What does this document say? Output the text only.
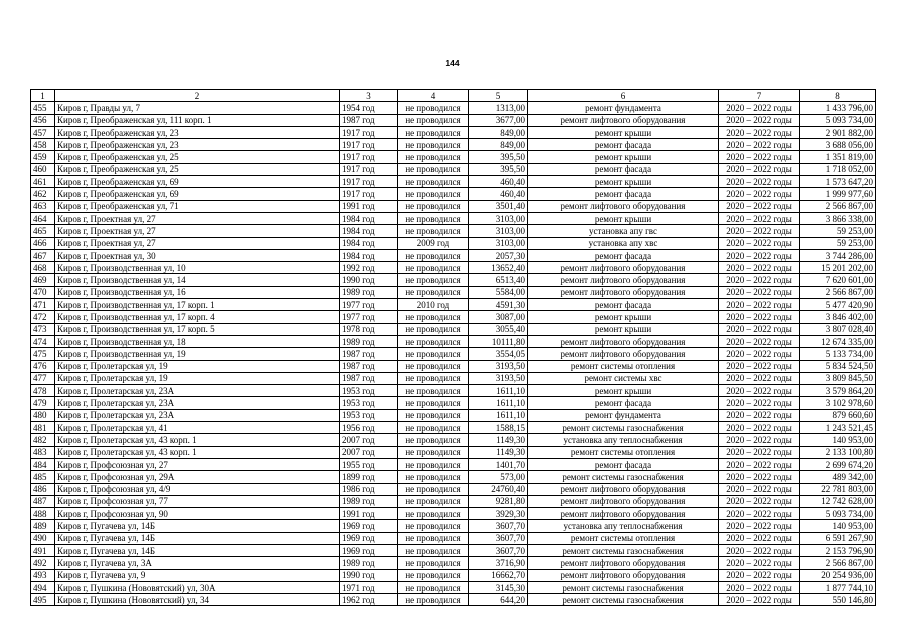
144
1	2	3	4	5	6	7	8
455	Киров г, Правды ул, 7	1954 год	не проводился	1313,00	ремонт фундамента	2020 – 2022 годы	1 433 796,00
456	Киров г, Преображенская ул, 111 корп. 1	1987 год	не проводился	3677,00	ремонт лифтового оборудования	2020 – 2022 годы	5 093 734,00
457	Киров г, Преображенская ул, 23	1917 год	не проводился	849,00	ремонт крыши	2020 – 2022 годы	2 901 882,00
458	Киров г, Преображенская ул, 23	1917 год	не проводился	849,00	ремонт фасада	2020 – 2022 годы	3 688 056,00
459	Киров г, Преображенская ул, 25	1917 год	не проводился	395,50	ремонт крыши	2020 – 2022 годы	1 351 819,00
460	Киров г, Преображенская ул, 25	1917 год	не проводился	395,50	ремонт фасада	2020 – 2022 годы	1 718 052,00
461	Киров г, Преображенская ул, 69	1917 год	не проводился	460,40	ремонт крыши	2020 – 2022 годы	1 573 647,20
462	Киров г, Преображенская ул, 69	1917 год	не проводился	460,40	ремонт фасада	2020 – 2022 годы	1 999 977,60
463	Киров г, Преображенская ул, 71	1991 год	не проводился	3501,40	ремонт лифтового оборудования	2020 – 2022 годы	2 566 867,00
464	Киров г, Проектная ул, 27	1984 год	не проводился	3103,00	ремонт крыши	2020 – 2022 годы	3 866 338,00
465	Киров г, Проектная ул, 27	1984 год	не проводился	3103,00	установка апу гвс	2020 – 2022 годы	59 253,00
466	Киров г, Проектная ул, 27	1984 год	2009 год	3103,00	установка апу хвс	2020 – 2022 годы	59 253,00
467	Киров г, Проектная ул, 30	1984 год	не проводился	2057,30	ремонт фасада	2020 – 2022 годы	3 744 286,00
468	Киров г, Производственная ул, 10	1992 год	не проводился	13652,40	ремонт лифтового оборудования	2020 – 2022 годы	15 201 202,00
469	Киров г, Производственная ул, 14	1990 год	не проводился	6513,40	ремонт лифтового оборудования	2020 – 2022 годы	7 620 601,00
470	Киров г, Производственная ул, 16	1989 год	не проводился	5584,00	ремонт лифтового оборудования	2020 – 2022 годы	2 566 867,00
471	Киров г, Производственная ул, 17 корп. 1	1977 год	2010 год	4591,30	ремонт фасада	2020 – 2022 годы	5 477 420,90
472	Киров г, Производственная ул, 17 корп. 4	1977 год	не проводился	3087,00	ремонт крыши	2020 – 2022 годы	3 846 402,00
473	Киров г, Производственная ул, 17 корп. 5	1978 год	не проводился	3055,40	ремонт крыши	2020 – 2022 годы	3 807 028,40
474	Киров г, Производственная ул, 18	1989 год	не проводился	10111,80	ремонт лифтового оборудования	2020 – 2022 годы	12 674 335,00
475	Киров г, Производственная ул, 19	1987 год	не проводился	3554,05	ремонт лифтового оборудования	2020 – 2022 годы	5 133 734,00
476	Киров г, Пролетарская ул, 19	1987 год	не проводился	3193,50	ремонт системы отопления	2020 – 2022 годы	5 834 524,50
477	Киров г, Пролетарская ул, 19	1987 год	не проводился	3193,50	ремонт системы хвс	2020 – 2022 годы	3 809 845,50
478	Киров г, Пролетарская ул, 23А	1953 год	не проводился	1611,10	ремонт крыши	2020 – 2022 годы	3 579 864,20
479	Киров г, Пролетарская ул, 23А	1953 год	не проводился	1611,10	ремонт фасада	2020 – 2022 годы	3 102 978,60
480	Киров г, Пролетарская ул, 23А	1953 год	не проводился	1611,10	ремонт фундамента	2020 – 2022 годы	879 660,60
481	Киров г, Пролетарская ул, 41	1956 год	не проводился	1588,15	ремонт системы газоснабжения	2020 – 2022 годы	1 243 521,45
482	Киров г, Пролетарская ул, 43 корп. 1	2007 год	не проводился	1149,30	установка апу теплоснабжения	2020 – 2022 годы	140 953,00
483	Киров г, Пролетарская ул, 43 корп. 1	2007 год	не проводился	1149,30	ремонт системы отопления	2020 – 2022 годы	2 133 100,80
484	Киров г, Профсоюзная ул, 27	1955 год	не проводился	1401,70	ремонт фасада	2020 – 2022 годы	2 699 674,20
485	Киров г, Профсоюзная ул, 29А	1899 год	не проводился	573,00	ремонт системы газоснабжения	2020 – 2022 годы	489 342,00
486	Киров г, Профсоюзная ул, 4/9	1986 год	не проводился	24760,40	ремонт лифтового оборудования	2020 – 2022 годы	22 781 803,00
487	Киров г, Профсоюзная ул, 77	1989 год	не проводился	9281,80	ремонт лифтового оборудования	2020 – 2022 годы	12 742 628,00
488	Киров г, Профсоюзная ул, 90	1991 год	не проводился	3929,30	ремонт лифтового оборудования	2020 – 2022 годы	5 093 734,00
489	Киров г, Пугачева ул, 14Б	1969 год	не проводился	3607,70	установка апу теплоснабжения	2020 – 2022 годы	140 953,00
490	Киров г, Пугачева ул, 14Б	1969 год	не проводился	3607,70	ремонт системы отопления	2020 – 2022 годы	6 591 267,90
491	Киров г, Пугачева ул, 14Б	1969 год	не проводился	3607,70	ремонт системы газоснабжения	2020 – 2022 годы	2 153 796,90
492	Киров г, Пугачева ул, 3А	1989 год	не проводился	3716,90	ремонт лифтового оборудования	2020 – 2022 годы	2 566 867,00
493	Киров г, Пугачева ул, 9	1990 год	не проводился	16662,70	ремонт лифтового оборудования	2020 – 2022 годы	20 254 936,00
494	Киров г, Пушкина (Нововятский) ул, 30А	1971 год	не проводился	3145,30	ремонт системы газоснабжения	2020 – 2022 годы	1 877 744,10
495	Киров г, Пушкина (Нововятский) ул, 34	1962 год	не проводился	644,20	ремонт системы газоснабжения	2020 – 2022 годы	550 146,80
